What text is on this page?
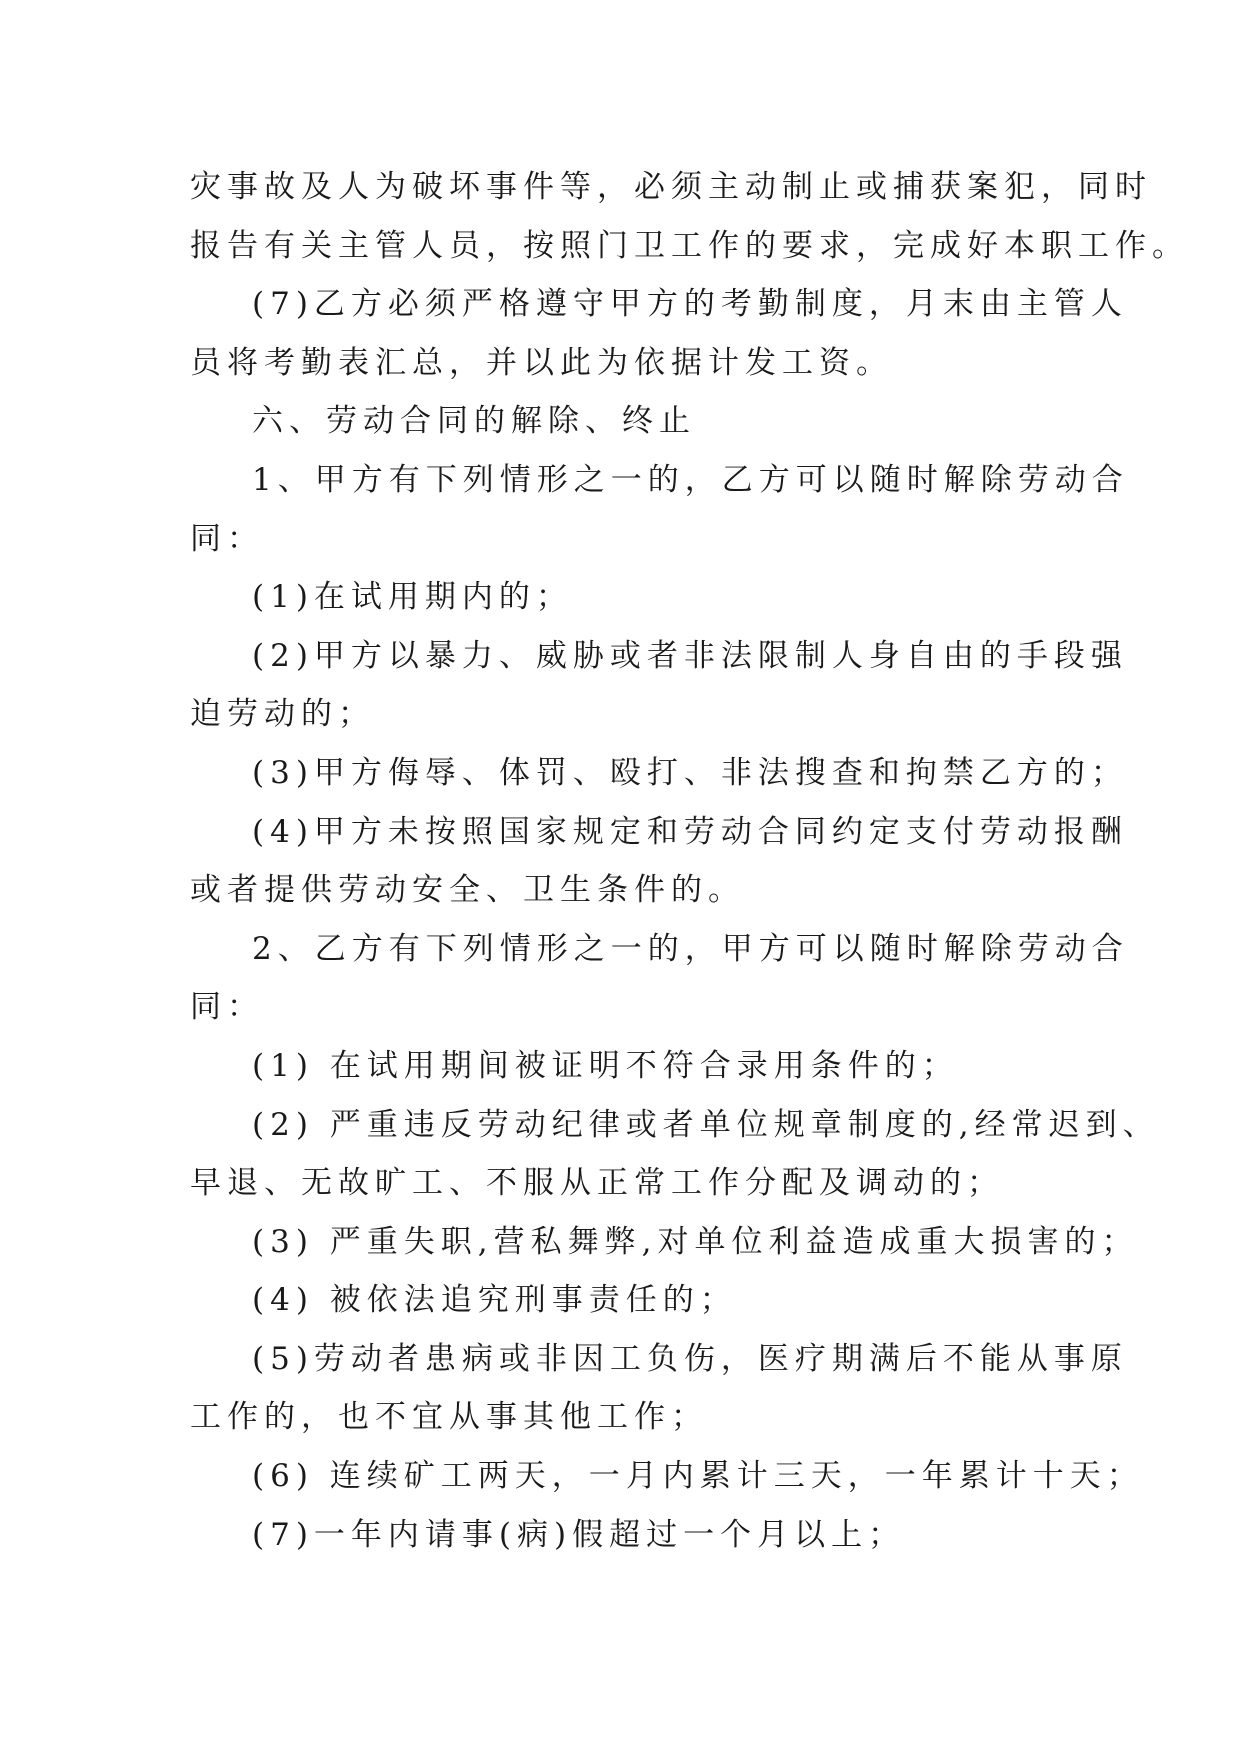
灾事故及人为破坏事件等，必须主动制止或捕获案犯，同时
报告有关主管人员，按照门卫工作的要求，完成好本职工作。
(7)乙方必须严格遵守甲方的考勤制度，月末由主管人
员将考勤表汇总，并以此为依据计发工资。
六、劳动合同的解除、终止
1、甲方有下列情形之一的，乙方可以随时解除劳动合
同：
(1)在试用期内的；
(2)甲方以暴力、威胁或者非法限制人身自由的手段强
迫劳动的；
(3)甲方侮辱、体罚、殴打、非法搜查和拘禁乙方的；
(4)甲方未按照国家规定和劳动合同约定支付劳动报酬
或者提供劳动安全、卫生条件的。
2、乙方有下列情形之一的，甲方可以随时解除劳动合
同：
(1) 在试用期间被证明不符合录用条件的；
(2) 严重违反劳动纪律或者单位规章制度的,经常迟到、
早退、无故旷工、不服从正常工作分配及调动的；
(3) 严重失职,营私舞弊,对单位利益造成重大损害的；
(4) 被依法追究刑事责任的；
(5)劳动者患病或非因工负伤，医疗期满后不能从事原
工作的，也不宜从事其他工作；
(6) 连续矿工两天，一月内累计三天，一年累计十天；
(7)一年内请事(病)假超过一个月以上；
